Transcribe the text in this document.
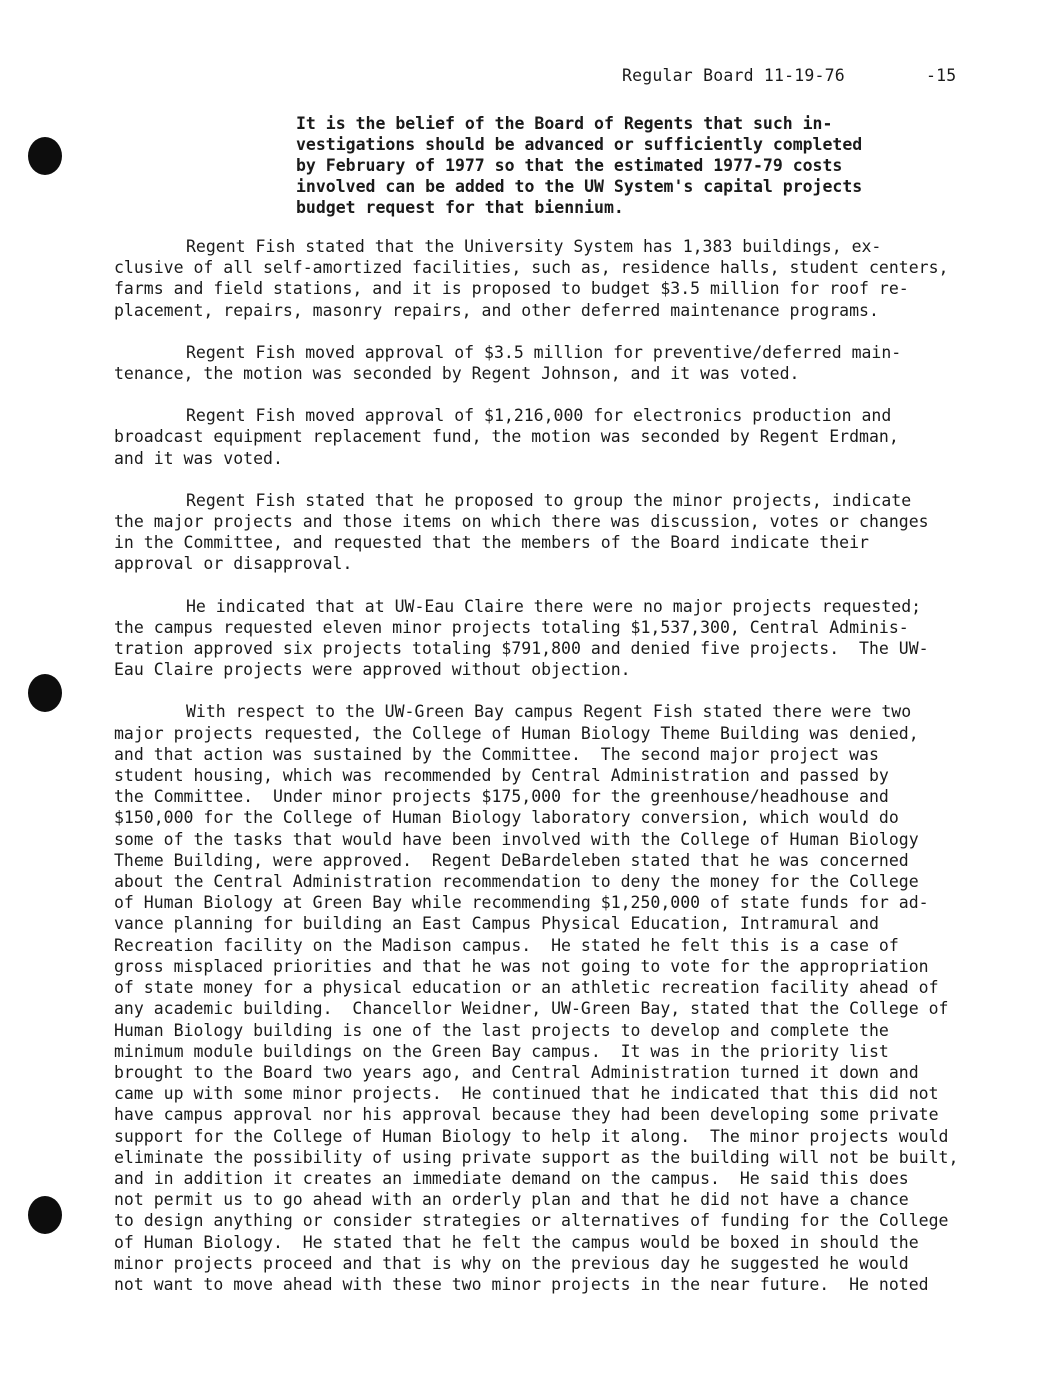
Regular Board 11-19-76	-15
It is the belief of the Board of Regents that such in-
vestigations should be advanced or sufficiently completed
by February of 1977 so that the estimated 1977-79 costs
involved can be added to the UW System's capital projects
budget request for that biennium.
Regent Fish stated that the University System has 1,383 buildings, ex-
clusive of all self-amortized facilities, such as, residence halls, student centers,
farms and field stations, and it is proposed to budget $3.5 million for roof re-
placement, repairs, masonry repairs, and other deferred maintenance programs.
Regent Fish moved approval of $3.5 million for preventive/deferred main-
tenance, the motion was seconded by Regent Johnson, and it was voted.
Regent Fish moved approval of $1,216,000 for electronics production and
broadcast equipment replacement fund, the motion was seconded by Regent Erdman,
and it was voted.
Regent Fish stated that he proposed to group the minor projects, indicate
the major projects and those items on which there was discussion, votes or changes
in the Committee, and requested that the members of the Board indicate their
approval or disapproval.
He indicated that at UW-Eau Claire there were no major projects requested;
the campus requested eleven minor projects totaling $1,537,300, Central Adminis-
tration approved six projects totaling $791,800 and denied five projects.  The UW-
Eau Claire projects were approved without objection.
With respect to the UW-Green Bay campus Regent Fish stated there were two
major projects requested, the College of Human Biology Theme Building was denied,
and that action was sustained by the Committee.  The second major project was
student housing, which was recommended by Central Administration and passed by
the Committee.  Under minor projects $175,000 for the greenhouse/headhouse and
$150,000 for the College of Human Biology laboratory conversion, which would do
some of the tasks that would have been involved with the College of Human Biology
Theme Building, were approved.  Regent DeBardeleben stated that he was concerned
about the Central Administration recommendation to deny the money for the College
of Human Biology at Green Bay while recommending $1,250,000 of state funds for ad-
vance planning for building an East Campus Physical Education, Intramural and
Recreation facility on the Madison campus.  He stated he felt this is a case of
gross misplaced priorities and that he was not going to vote for the appropriation
of state money for a physical education or an athletic recreation facility ahead of
any academic building.  Chancellor Weidner, UW-Green Bay, stated that the College of
Human Biology building is one of the last projects to develop and complete the
minimum module buildings on the Green Bay campus.  It was in the priority list
brought to the Board two years ago, and Central Administration turned it down and
came up with some minor projects.  He continued that he indicated that this did not
have campus approval nor his approval because they had been developing some private
support for the College of Human Biology to help it along.  The minor projects would
eliminate the possibility of using private support as the building will not be built,
and in addition it creates an immediate demand on the campus.  He said this does
not permit us to go ahead with an orderly plan and that he did not have a chance
to design anything or consider strategies or alternatives of funding for the College
of Human Biology.  He stated that he felt the campus would be boxed in should the
minor projects proceed and that is why on the previous day he suggested he would
not want to move ahead with these two minor projects in the near future.  He noted
